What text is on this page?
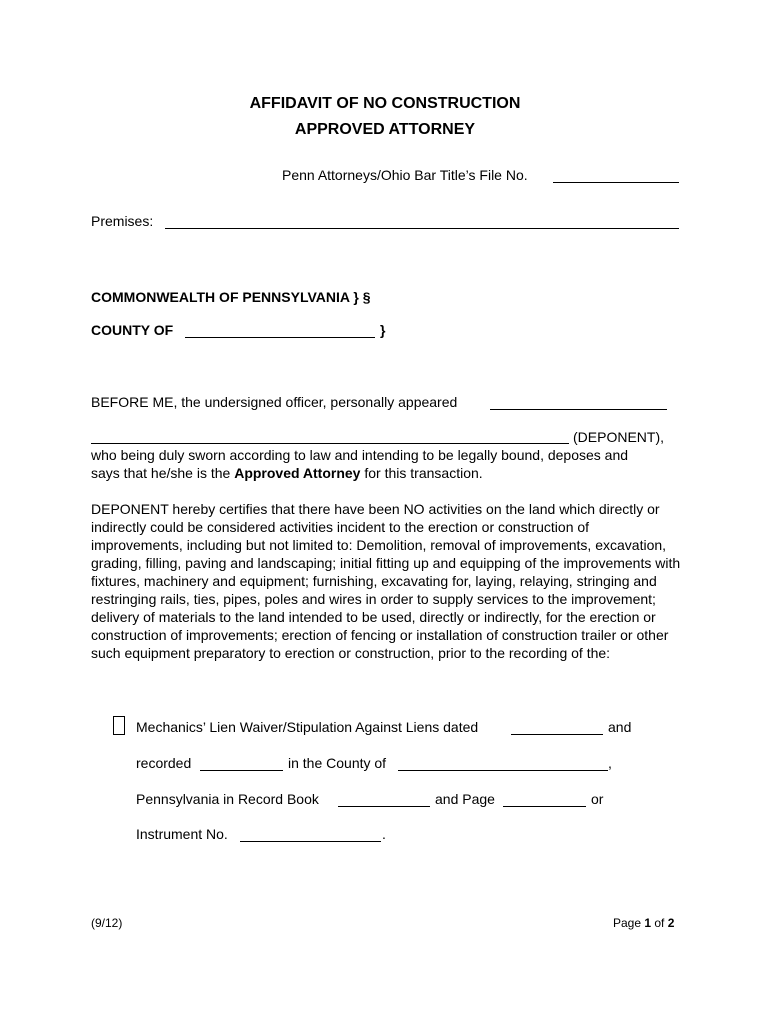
AFFIDAVIT OF NO CONSTRUCTION
APPROVED ATTORNEY
Penn Attorneys/Ohio Bar Title’s File No.
Premises:
COMMONWEALTH OF PENNSYLVANIA } §
COUNTY OF	}
BEFORE ME, the undersigned officer, personally appeared
(DEPONENT),
who being duly sworn according to law and intending to be legally bound, deposes and
says that he/she is the Approved Attorney for this transaction.
DEPONENT hereby certifies that there have been NO activities on the land which directly or indirectly could be considered activities incident to the erection or construction of improvements, including but not limited to: Demolition, removal of improvements, excavation, grading, filling, paving and landscaping; initial fitting up and equipping of the improvements with fixtures, machinery and equipment; furnishing, excavating for, laying, relaying, stringing and restringing rails, ties, pipes, poles and wires in order to supply services to the improvement; delivery of materials to the land intended to be used, directly or indirectly, for the erection or construction of improvements; erection of fencing or installation of construction trailer or other such equipment preparatory to erection or construction, prior to the recording of the:
Mechanics’ Lien Waiver/Stipulation Against Liens dated	and
recorded	in the County of	,
Pennsylvania in Record Book	and Page	or
Instrument No.	.
(9/12)	Page 1 of 2
